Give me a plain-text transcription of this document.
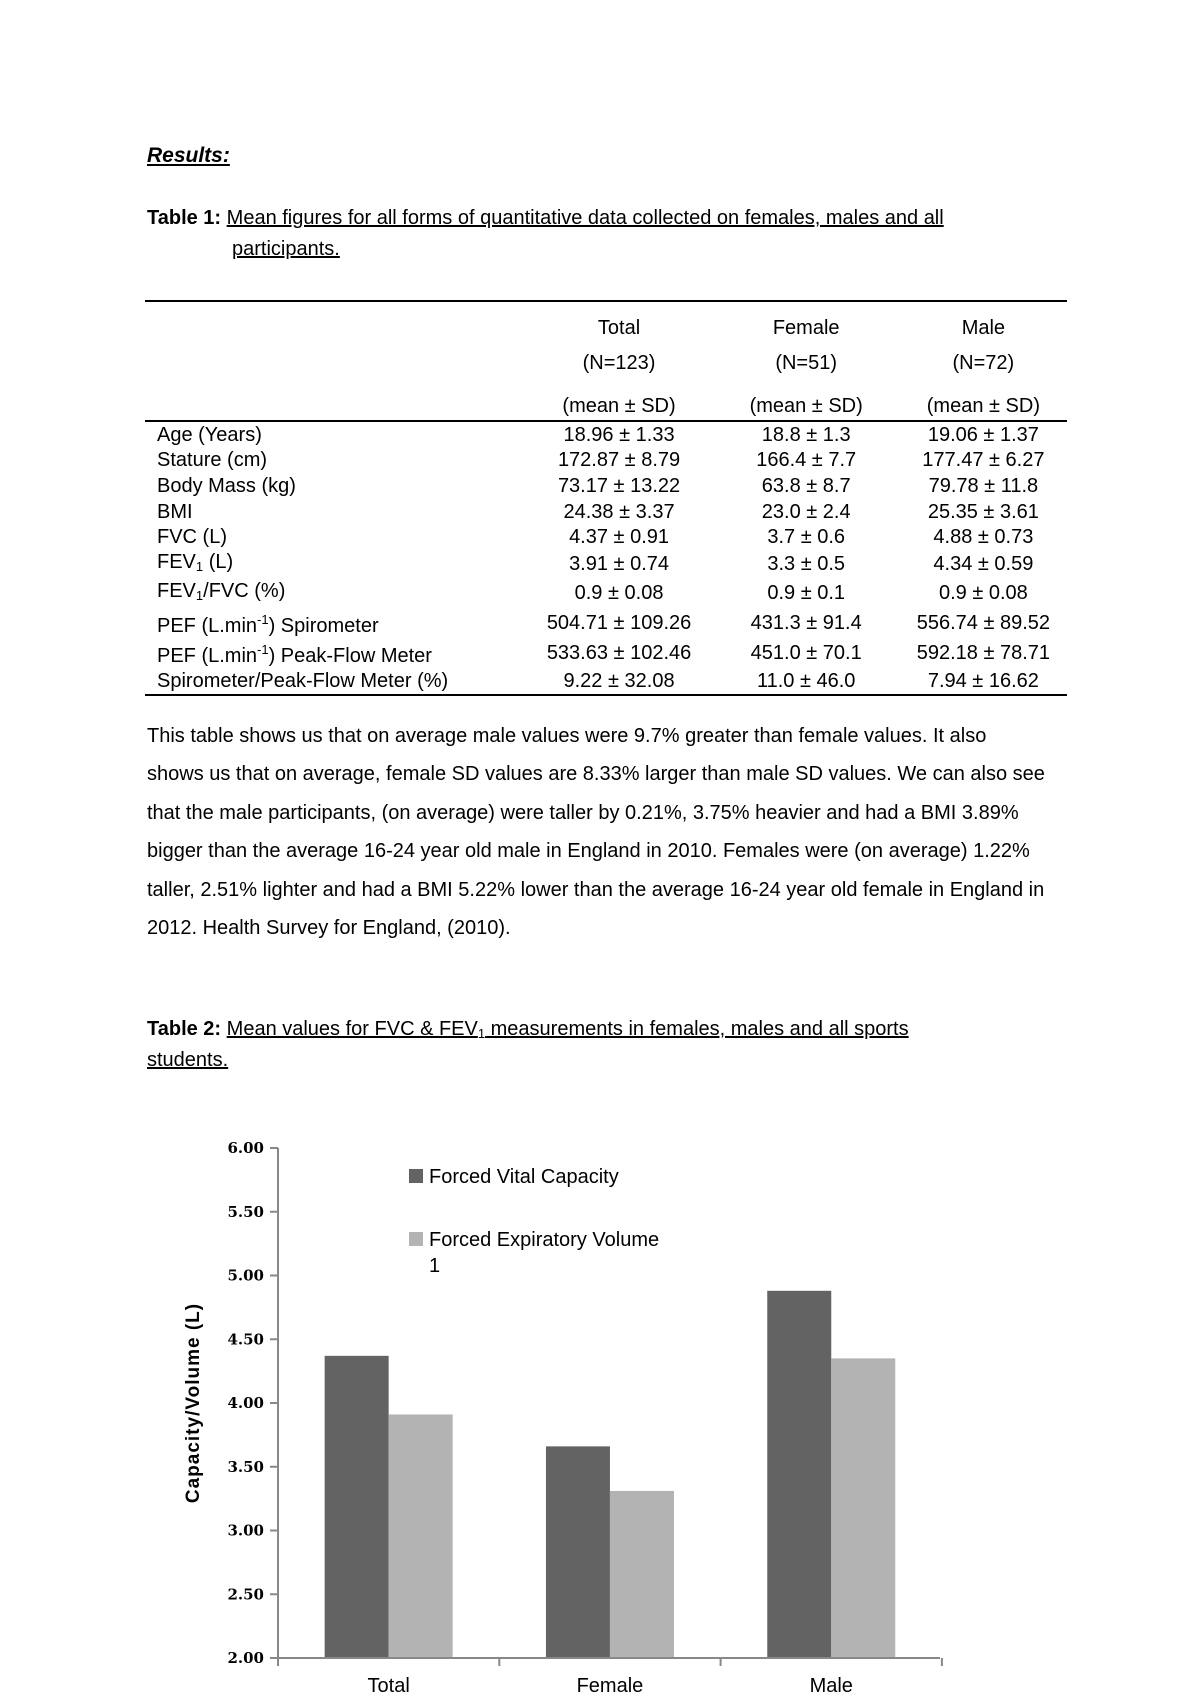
Results:
Table 1: Mean figures for all forms of quantitative data collected on females, males and all
participants.
	Total	Female	Male
	(N=123)	(N=51)	(N=72)
	(mean ± SD)	(mean ± SD)	(mean ± SD)
Age (Years)	18.96 ± 1.33	18.8 ± 1.3	19.06 ± 1.37
Stature (cm)	172.87 ± 8.79	166.4 ± 7.7	177.47 ± 6.27
Body Mass (kg)	73.17 ± 13.22	63.8 ± 8.7	79.78 ± 11.8
BMI	24.38 ± 3.37	23.0 ± 2.4	25.35 ± 3.61
FVC (L)	4.37 ± 0.91	3.7 ± 0.6	4.88 ± 0.73
$FEV_1$ (L)	3.91 ± 0.74	3.3 ± 0.5	4.34 ± 0.59
$FEV_1$/FVC (%)	0.9 ± 0.08	0.9 ± 0.1	0.9 ± 0.08
PEF $(L.\min^{-1})$ Spirometer	504.71 ± 109.26	431.3 ± 91.4	556.74 ± 89.52
PEF $(L.\min^{-1})$ Peak-Flow Meter	533.63 ± 102.46	451.0 ± 70.1	592.18 ± 78.71
Spirometer/Peak-Flow Meter (%)	9.22 ± 32.08	11.0 ± 46.0	7.94 ± 16.62
This table shows us that on average male values were 9.7% greater than female values. It also shows us that on average, female SD values are 8.33% larger than male SD values. We can also see that the male participants, (on average) were taller by 0.21%, 3.75% heavier and had a BMI 3.89% bigger than the average 16-24 year old male in England in 2010. Females were (on average) 1.22% taller, 2.51% lighter and had a BMI 5.22% lower than the average 16-24 year old female in England in 2012. Health Survey for England, (2010).
Table 2: Mean values for FVC & $FEV_1$ measurements in females, males and all sports
students.
Total	Female	Male
2.00
2.50
3.00
3.50
4.00
4.50
5.00
5.50
6.00
Capacity/Volume (L)
Forced Vital Capacity
Forced Expiratory Volume
1
